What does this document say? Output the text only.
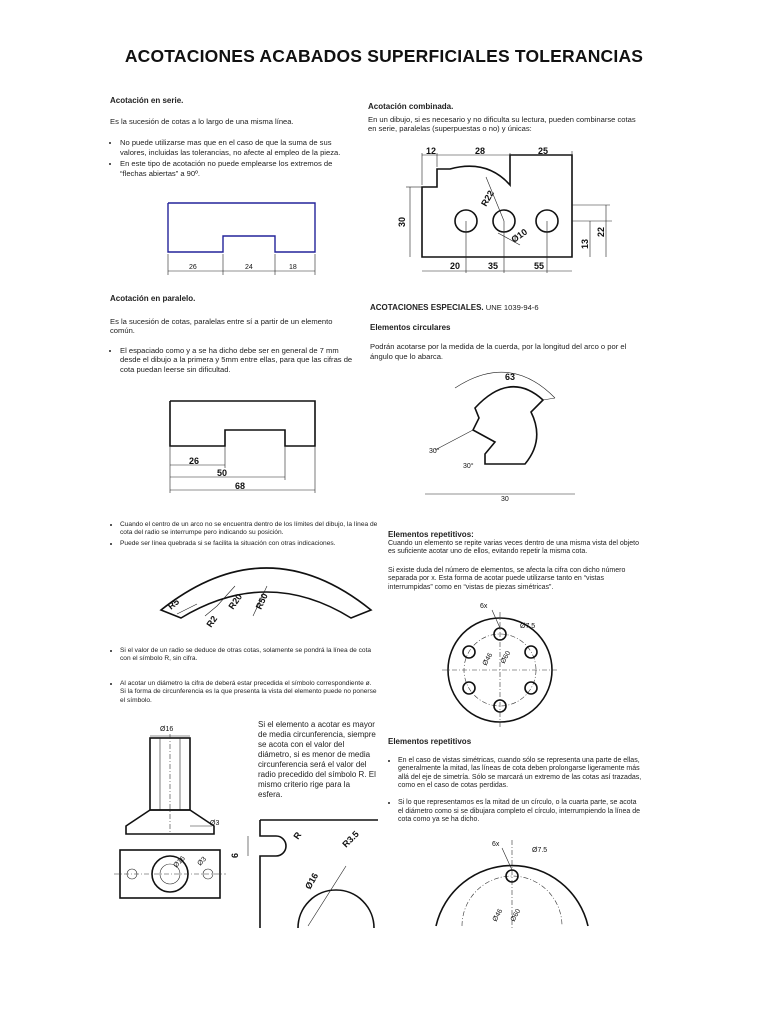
ACOTACIONES ACABADOS SUPERFICIALES TOLERANCIAS
Acotación en serie.

Es la sucesión de cotas a lo largo de una misma línea.

• No puede utilizarse mas que en el caso de que la suma de sus valores, incluidas las tolerancias, no afecte al empleo de la pieza.
• En este tipo de acotación no puede emplearse los extremos de “flechas abiertas” a 90º.
26	24	18
Acotación combinada.

En un dibujo, si es necesario y no dificulta su lectura, pueden combinarse cotas en serie, paralelas (superpuestas o no) y únicas:

12	28	25
30
20	35	55
13
22
R22
Ø10
Acotación en paralelo.

Es la sucesión de cotas, paralelas entre sí a partir de un elemento común.

• El espaciado como y a se ha dicho debe ser en general de 7 mm desde el dibujo a la primera y 5mm entre ellas, para que las cifras de cota puedan leerse sin dificultad.
26
50
68
ACOTACIONES ESPECIALES. UNE 1039-94-6
Elementos circulares

Podrán acotarse por la medida de la cuerda, por la longitud del arco o por el ángulo que lo abarca.

63
30°
30°
30
• Cuando el centro de un arco no se encuentra dentro de los límites del dibujo, la línea de cota del radio se interrumpe pero indicando su posición.
• Puede ser línea quebrada si se facilita la situación con otras indicaciones.
R5
R2
R20 R50
• Si el valor de un radio se deduce de otras cotas, solamente se pondrá la línea de cota con el símbolo R, sin cifra.
• Al acotar un diámetro la cifra de deberá estar precedida el símbolo correspondiente ø. Si la forma de circunferencia es la que presenta la vista del elemento puede no ponerse el símbolo.
Ø16
Ø3
Ø16 Ø3

Si el elemento a acotar es mayor de media circunferencia, siempre se acota con el valor del diámetro, si es menor de media circunferencia será el valor del radio precedido del símbolo R. El mismo criterio rige para la esfera.

6
R	R3.5
Ø16
Elementos repetitivos:

Cuando un elemento se repite varias veces dentro de una misma vista del objeto es suficiente acotar uno de ellos, evitando repetir la misma cota.

Si existe duda del número de elementos, se afecta la cifra con dicho número separada por x. Esta forma de acotar puede utilizarse tanto en “vistas interrumpidas” como en “vistas de piezas simétricas”.

6x
Ø7.5
Ø46 Ø60
Elementos repetitivos
• En el caso de vistas simétricas, cuando sólo se representa una parte de ellas, generalmente la mitad, las líneas de cota deben prolongarse ligeramente más allá del eje de simetría. Sólo se marcará un extremo de las cotas así trazadas, como en el caso de cotas perdidas.
• Si lo que representamos es la mitad de un círculo, o la cuarta parte, se acota el diámetro como si se dibujara completo el círculo, interrumpiendo la línea de cota como ya se ha dicho.
6x
Ø7.5
Ø46 Ø60
